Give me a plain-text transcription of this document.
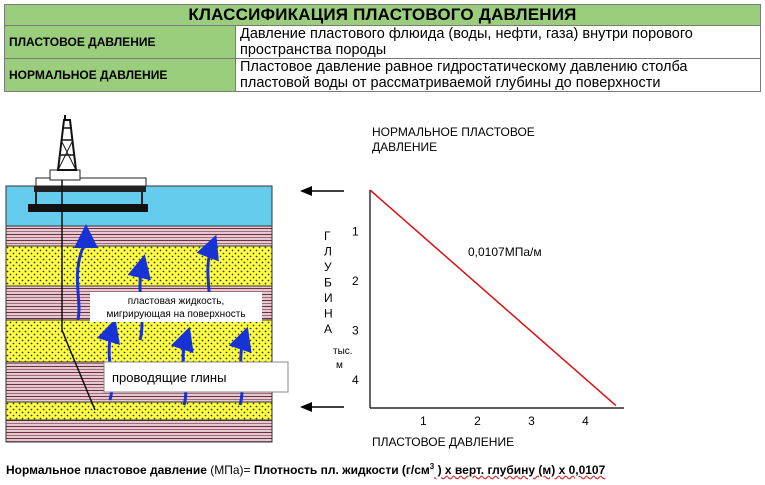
КЛАССИФИКАЦИЯ ПЛАСТОВОГО ДАВЛЕНИЯ	
ПЛАСТОВОЕ ДАВЛЕНИЕ	Давление пластового флюида (воды, нефти, газа) внутри порового пространства породы
НОРМАЛЬНОЕ ДАВЛЕНИЕ	Пластовое давление равное гидростатическому давлению столба пластовой воды от рассматриваемой глубины до поверхности
пластовая жидкость,
мигрирующая на поверхность
проводящие глины
НОРМАЛЬНОЕ ПЛАСТОВОЕ
ДАВЛЕНИЕ
Г
Л
У
Б
И
Н
А
тыс.
м
1	2	3	4
1
2
3
4
0,0107МПа/м
ПЛАСТОВОЕ ДАВЛЕНИЕ
Нормальное пластовое давление (МПа)= Плотность пл. жидкости ($г/см^3$ ) х верт. глубину (м) х 0,0107
